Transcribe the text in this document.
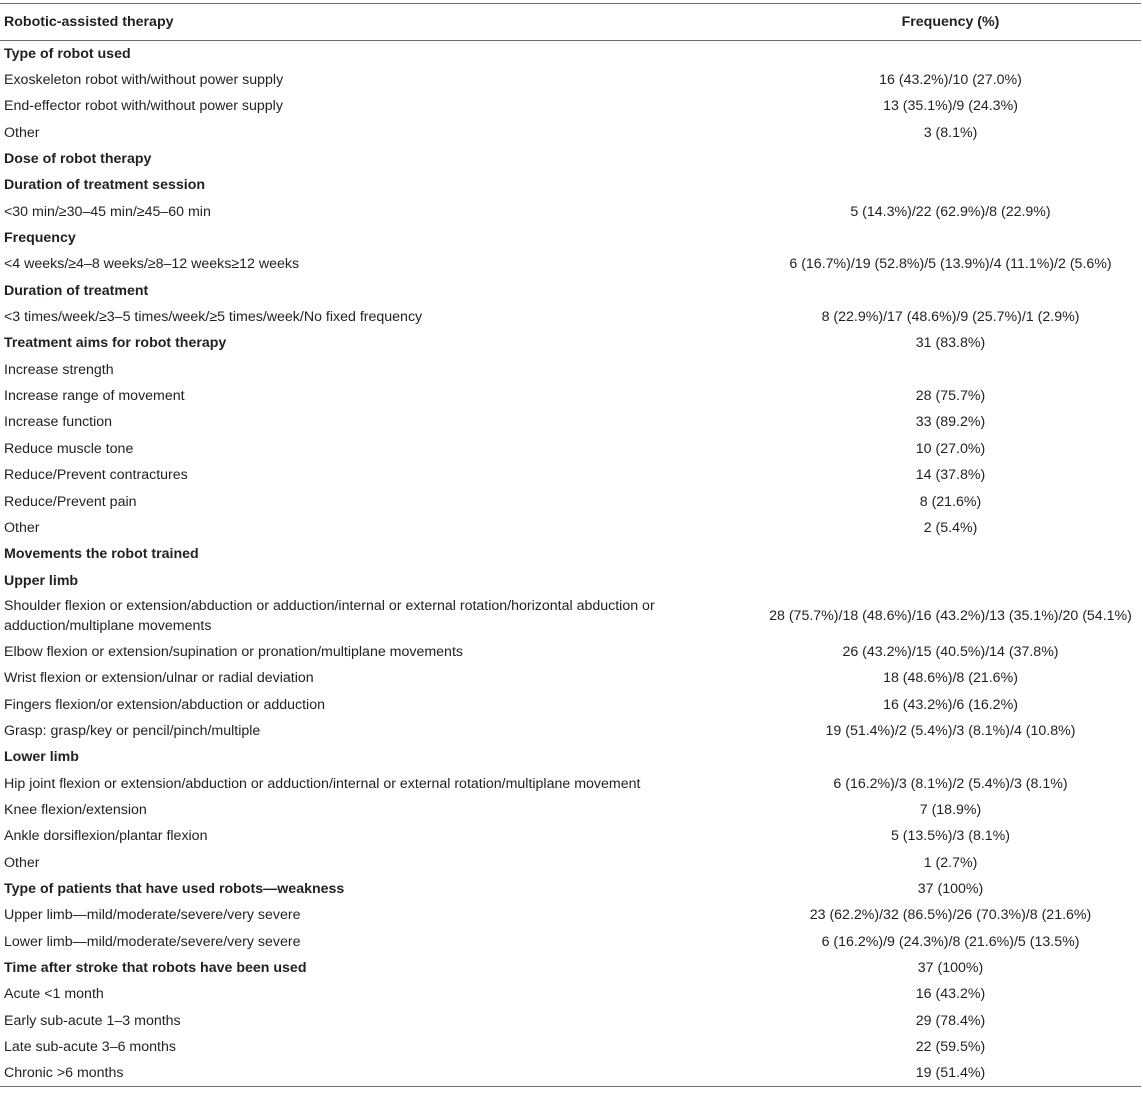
Robotic-assisted therapy	Frequency (%)
Type of robot used	
Exoskeleton robot with/without power supply	16 (43.2%)/10 (27.0%)
End-effector robot with/without power supply	13 (35.1%)/9 (24.3%)
Other	3 (8.1%)
Dose of robot therapy	
Duration of treatment session	
<30 min/≥30–45 min/≥45–60 min	5 (14.3%)/22 (62.9%)/8 (22.9%)
Frequency	
<4 weeks/≥4–8 weeks/≥8–12 weeks≥12 weeks	6 (16.7%)/19 (52.8%)/5 (13.9%)/4 (11.1%)/2 (5.6%)
Duration of treatment	
<3 times/week/≥3–5 times/week/≥5 times/week/No fixed frequency	8 (22.9%)/17 (48.6%)/9 (25.7%)/1 (2.9%)
Treatment aims for robot therapy	31 (83.8%)
Increase strength	
Increase range of movement	28 (75.7%)
Increase function	33 (89.2%)
Reduce muscle tone	10 (27.0%)
Reduce/Prevent contractures	14 (37.8%)
Reduce/Prevent pain	8 (21.6%)
Other	2 (5.4%)
Movements the robot trained	
Upper limb	
Shoulder flexion or extension/abduction or adduction/internal or external rotation/horizontal abduction or adduction/multiplane movements	28 (75.7%)/18 (48.6%)/16 (43.2%)/13 (35.1%)/20 (54.1%)
Elbow flexion or extension/supination or pronation/multiplane movements	26 (43.2%)/15 (40.5%)/14 (37.8%)
Wrist flexion or extension/ulnar or radial deviation	18 (48.6%)/8 (21.6%)
Fingers flexion/or extension/abduction or adduction	16 (43.2%)/6 (16.2%)
Grasp: grasp/key or pencil/pinch/multiple	19 (51.4%)/2 (5.4%)/3 (8.1%)/4 (10.8%)
Lower limb	
Hip joint flexion or extension/abduction or adduction/internal or external rotation/multiplane movement	6 (16.2%)/3 (8.1%)/2 (5.4%)/3 (8.1%)
Knee flexion/extension	7 (18.9%)
Ankle dorsiflexion/plantar flexion	5 (13.5%)/3 (8.1%)
Other	1 (2.7%)
Type of patients that have used robots—weakness	37 (100%)
Upper limb—mild/moderate/severe/very severe	23 (62.2%)/32 (86.5%)/26 (70.3%)/8 (21.6%)
Lower limb—mild/moderate/severe/very severe	6 (16.2%)/9 (24.3%)/8 (21.6%)/5 (13.5%)
Time after stroke that robots have been used	37 (100%)
Acute <1 month	16 (43.2%)
Early sub-acute 1–3 months	29 (78.4%)
Late sub-acute 3–6 months	22 (59.5%)
Chronic >6 months	19 (51.4%)
